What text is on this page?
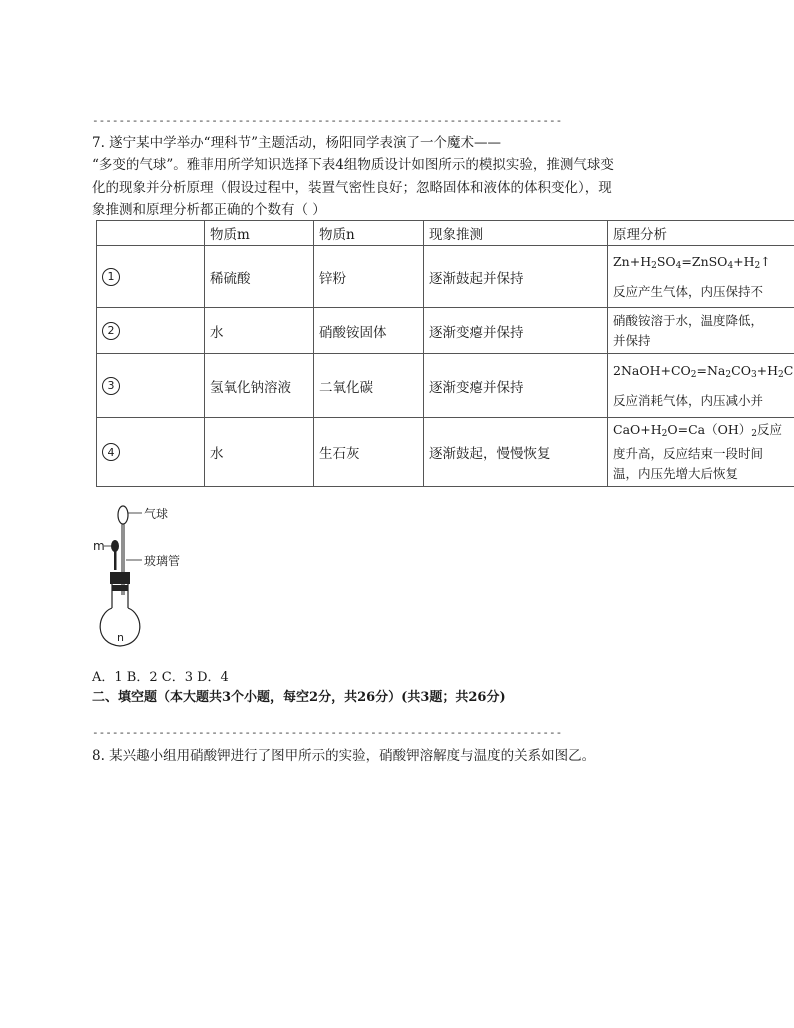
-----------------------------------------------------------------------
7. 遂宁某中学举办“理科节”主题活动，杨阳同学表演了一个魔术——
“多变的气球”。雅菲用所学知识选择下表4组物质设计如图所示的模拟实验，推测气球变
化的现象并分析原理（假设过程中，装置气密性良好；忽略固体和液体的体积变化），现
象推测和原理分析都正确的个数有（ ）
	物质m	物质n	现象推测	原理分析
1	稀硫酸	锌粉	逐渐鼓起并保持	$Zn+H_2SO_4=ZnSO_4+H_2↑$
反应产生气体，内压保持不

2	水	硝酸铵固体	逐渐变瘪并保持	硝酸铵溶于水，温度降低，
并保持

3	氢氧化钠溶液	二氧化碳	逐渐变瘪并保持	$2NaOH+CO_2=Na_2CO_3+H_2C$
反应消耗气体，内压减小并

4	水	生石灰	逐渐鼓起，慢慢恢复	$CaO+H_2O=Ca(OH)_2$反应
度升高，反应结束一段时间
温，内压先增大后恢复
气球
m
玻璃管
n
A．1 B．2 C．3 D．4
二、填空题（本大题共3个小题，每空2分，共26分）(共3题；共26分)
-----------------------------------------------------------------------
8. 某兴趣小组用硝酸钾进行了图甲所示的实验，硝酸钾溶解度与温度的关系如图乙。
